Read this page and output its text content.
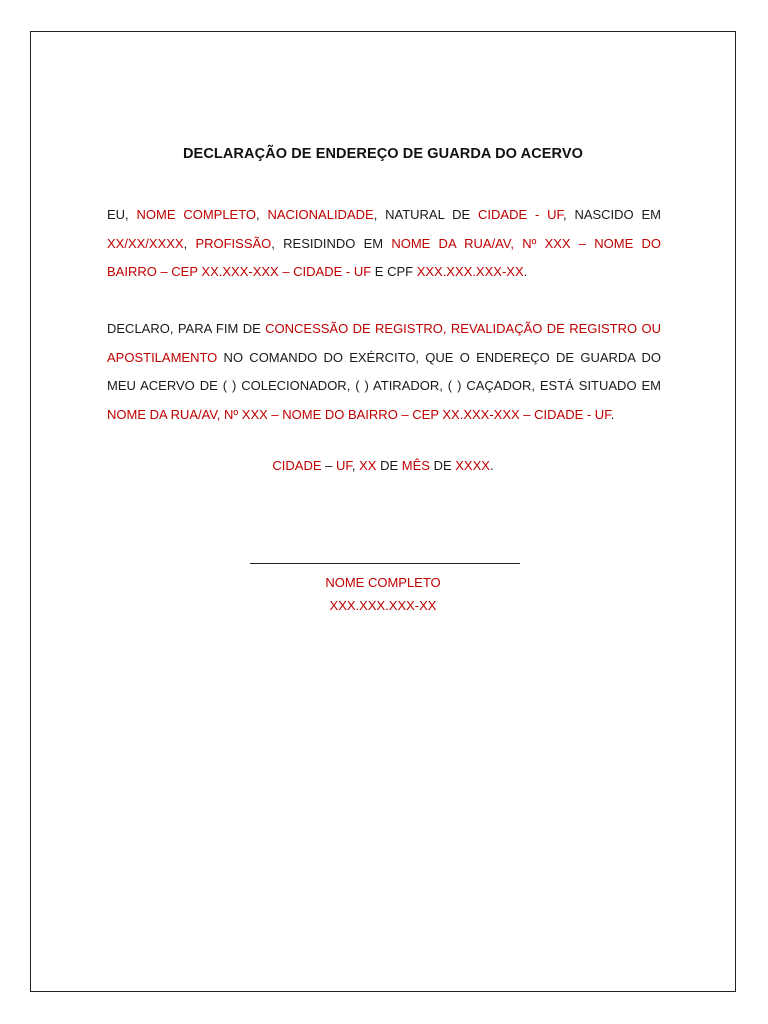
DECLARAÇÃO DE ENDEREÇO DE GUARDA DO ACERVO
EU, NOME COMPLETO, NACIONALIDADE, NATURAL DE CIDADE - UF, NASCIDO EM XX/XX/XXXX, PROFISSÃO, RESIDINDO EM NOME DA RUA/AV, Nº XXX – NOME DO BAIRRO – CEP XX.XXX-XXX – CIDADE - UF E CPF XXX.XXX.XXX-XX.
DECLARO, PARA FIM DE CONCESSÃO DE REGISTRO, REVALIDAÇÃO DE REGISTRO OU APOSTILAMENTO NO COMANDO DO EXÉRCITO, QUE O ENDEREÇO DE GUARDA DO MEU ACERVO DE ( ) COLECIONADOR, ( ) ATIRADOR, ( ) CAÇADOR, ESTÁ SITUADO EM NOME DA RUA/AV, Nº XXX – NOME DO BAIRRO – CEP XX.XXX-XXX – CIDADE - UF.
CIDADE – UF, XX DE MÊS DE XXXX.
NOME COMPLETO
XXX.XXX.XXX-XX
